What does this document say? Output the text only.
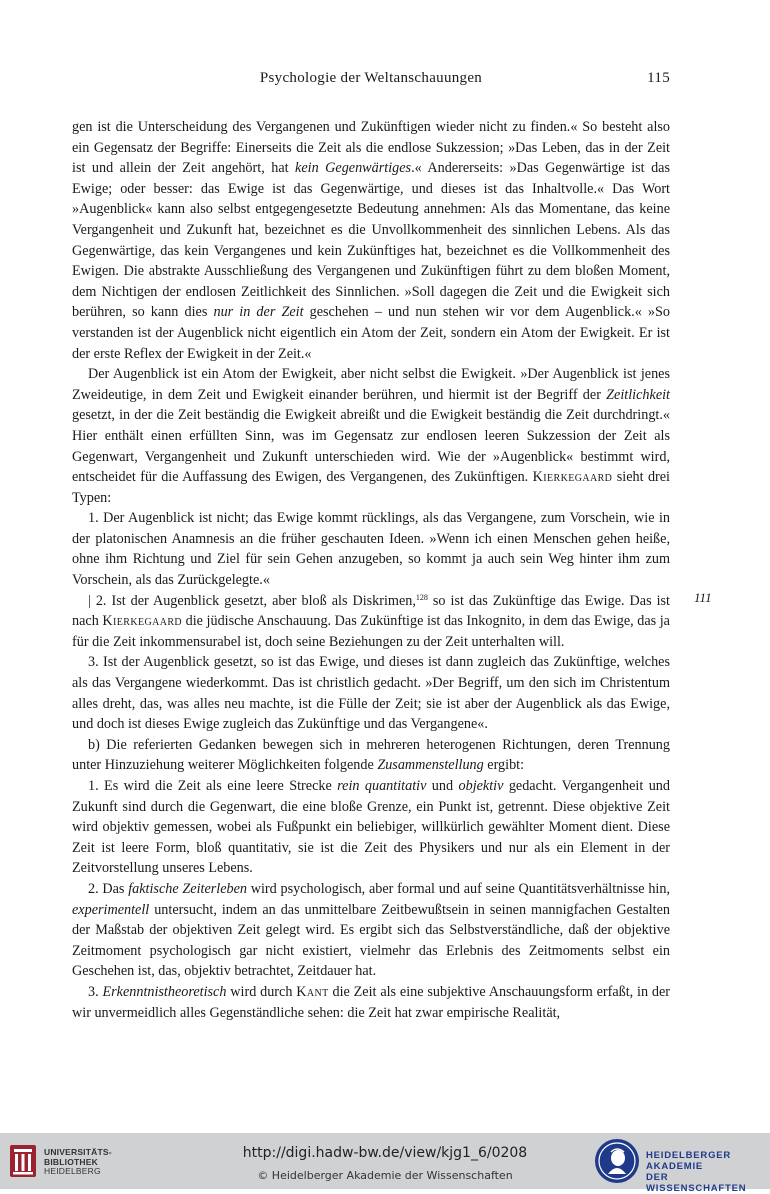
Psychologie der Weltanschauungen	115

gen ist die Unterscheidung des Vergangenen und Zukünftigen wieder nicht zu finden.« So besteht also ein Gegensatz der Begriffe: Einerseits die Zeit als die endlose Sukzession; »Das Leben, das in der Zeit ist und allein der Zeit angehört, hat kein Gegenwärtiges.« Andererseits: »Das Gegenwärtige ist das Ewige; oder besser: das Ewige ist das Gegenwärtige, und dieses ist das Inhaltvolle.« Das Wort »Augenblick« kann also selbst entgegengesetzte Bedeutung annehmen: Als das Momentane, das keine Vergangenheit und Zukunft hat, bezeichnet es die Unvollkommenheit des sinnlichen Lebens. Als das Gegenwärtige, das kein Vergangenes und kein Zukünftiges hat, bezeichnet es die Vollkommenheit des Ewigen. Die abstrakte Ausschließung des Vergangenen und Zukünftigen führt zu dem bloßen Moment, dem Nichtigen der endlosen Zeitlichkeit des Sinnlichen. »Soll dagegen die Zeit und die Ewigkeit sich berühren, so kann dies nur in der Zeit geschehen – und nun stehen wir vor dem Augenblick.« »So verstanden ist der Augenblick nicht eigentlich ein Atom der Zeit, sondern ein Atom der Ewigkeit. Er ist der erste Reflex der Ewigkeit in der Zeit.«

Der Augenblick ist ein Atom der Ewigkeit, aber nicht selbst die Ewigkeit. »Der Augenblick ist jenes Zweideutige, in dem Zeit und Ewigkeit einander berühren, und hiermit ist der Begriff der Zeitlichkeit gesetzt, in der die Zeit beständig die Ewigkeit abreißt und die Ewigkeit beständig die Zeit durchdringt.« Hier enthält einen erfüllten Sinn, was im Gegensatz zur endlosen leeren Sukzession der Zeit als Gegenwart, Vergangenheit und Zukunft unterschieden wird. Wie der »Augenblick« bestimmt wird, entscheidet für die Auffassung des Ewigen, des Vergangenen, des Zukünftigen. Kierkegaard sieht drei Typen:

1. Der Augenblick ist nicht; das Ewige kommt rücklings, als das Vergangene, zum Vorschein, wie in der platonischen Anamnesis an die früher geschauten Ideen. »Wenn ich einen Menschen gehen heiße, ohne ihm Richtung und Ziel für sein Gehen anzugeben, so kommt ja auch sein Weg hinter ihm zum Vorschein, als das Zurückgelegte.«

| 2. Ist der Augenblick gesetzt, aber bloß als Diskrimen,$^{128}$ so ist das Zukünftige das Ewige. Das ist nach Kierkegaard die jüdische Anschauung. Das Zukünftige ist das Inkognito, in dem das Ewige, das ja für die Zeit inkommensurabel ist, doch seine Beziehungen zu der Zeit unterhalten will.

3. Ist der Augenblick gesetzt, so ist das Ewige, und dieses ist dann zugleich das Zukünftige, welches als das Vergangene wiederkommt. Das ist christlich gedacht. »Der Begriff, um den sich im Christentum alles dreht, das, was alles neu machte, ist die Fülle der Zeit; sie ist aber der Augenblick als das Ewige, und doch ist dieses Ewige zugleich das Zukünftige und das Vergangene«.

b) Die referierten Gedanken bewegen sich in mehreren heterogenen Richtungen, deren Trennung unter Hinzuziehung weiterer Möglichkeiten folgende Zusammenstellung ergibt:

1. Es wird die Zeit als eine leere Strecke rein quantitativ und objektiv gedacht. Vergangenheit und Zukunft sind durch die Gegenwart, die eine bloße Grenze, ein Punkt ist, getrennt. Diese objektive Zeit wird objektiv gemessen, wobei als Fußpunkt ein beliebiger, willkürlich gewählter Moment dient. Diese Zeit ist leere Form, bloß quantitativ, sie ist die Zeit des Physikers und nur als ein Element in der Zeitvorstellung unseres Lebens.

2. Das faktische Zeiterleben wird psychologisch, aber formal und auf seine Quantitätsverhältnisse hin, experimentell untersucht, indem an das unmittelbare Zeitbewußtsein in seinen mannigfachen Gestalten der Maßstab der objektiven Zeit gelegt wird. Es ergibt sich das Selbstverständliche, daß der objektive Zeitmoment psychologisch gar nicht existiert, vielmehr das Erlebnis des Zeitmoments selbst ein Geschehen ist, das, objektiv betrachtet, Zeitdauer hat.

3. Erkenntnistheoretisch wird durch Kant die Zeit als eine subjektive Anschauungsform erfaßt, in der wir unvermeidlich alles Gegenständliche sehen: die Zeit hat zwar empirische Realität,

111
UNIVERSITÄTS-
BIBLIOTHEK
HEIDELBERG
http://digi.hadw-bw.de/view/kjg1_6/0208
© Heidelberger Akademie der Wissenschaften
HEIDELBERGER AKADEMIE
DER WISSENSCHAFTEN
